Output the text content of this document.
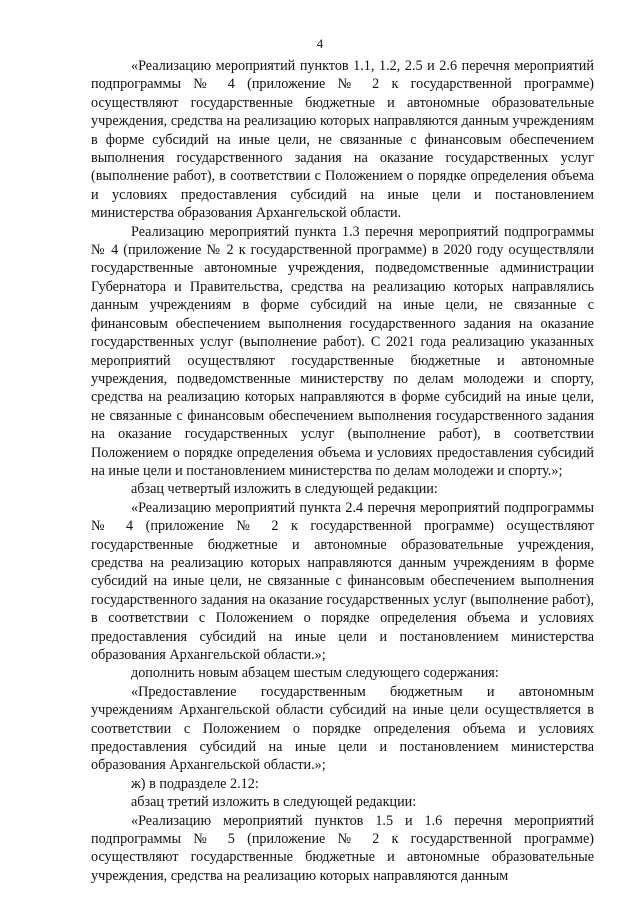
4

«Реализацию мероприятий пунктов 1.1, 1.2, 2.5 и 2.6 перечня мероприятий подпрограммы № 4 (приложение № 2 к государственной программе) осуществляют государственные бюджетные и автономные образовательные учреждения, средства на реализацию которых направляются данным учреждениям в форме субсидий на иные цели, не связанные с финансовым обеспечением выполнения государственного задания на оказание государственных услуг (выполнение работ), в соответствии с Положением о порядке определения объема и условиях предоставления субсидий на иные цели и постановлением министерства образования Архангельской области.

Реализацию мероприятий пункта 1.3 перечня мероприятий подпрограммы № 4 (приложение № 2 к государственной программе) в 2020 году осуществляли государственные автономные учреждения, подведомственные администрации Губернатора и Правительства, средства на реализацию которых направлялись данным учреждениям в форме субсидий на иные цели, не связанные с финансовым обеспечением выполнения государственного задания на оказание государственных услуг (выполнение работ). С 2021 года реализацию указанных мероприятий осуществляют государственные бюджетные и автономные учреждения, подведомственные министерству по делам молодежи и спорту, средства на реализацию которых направляются в форме субсидий на иные цели, не связанные с финансовым обеспечением выполнения государственного задания на оказание государственных услуг (выполнение работ), в соответствии Положением о порядке определения объема и условиях предоставления субсидий на иные цели и постановлением министерства по делам молодежи и спорту.»;

абзац четвертый изложить в следующей редакции:

«Реализацию мероприятий пункта 2.4 перечня мероприятий подпрограммы № 4 (приложение № 2 к государственной программе) осуществляют государственные бюджетные и автономные образовательные учреждения, средства на реализацию которых направляются данным учреждениям в форме субсидий на иные цели, не связанные с финансовым обеспечением выполнения государственного задания на оказание государственных услуг (выполнение работ), в соответствии с Положением о порядке определения объема и условиях предоставления субсидий на иные цели и постановлением министерства образования Архангельской области.»;

дополнить новым абзацем шестым следующего содержания:

«Предоставление государственным бюджетным и автономным учреждениям Архангельской области субсидий на иные цели осуществляется в соответствии с Положением о порядке определения объема и условиях предоставления субсидий на иные цели и постановлением министерства образования Архангельской области.»;

ж) в подразделе 2.12:

абзац третий изложить в следующей редакции:

«Реализацию мероприятий пунктов 1.5 и 1.6 перечня мероприятий подпрограммы № 5 (приложение № 2 к государственной программе) осуществляют государственные бюджетные и автономные образовательные учреждения, средства на реализацию которых направляются данным
